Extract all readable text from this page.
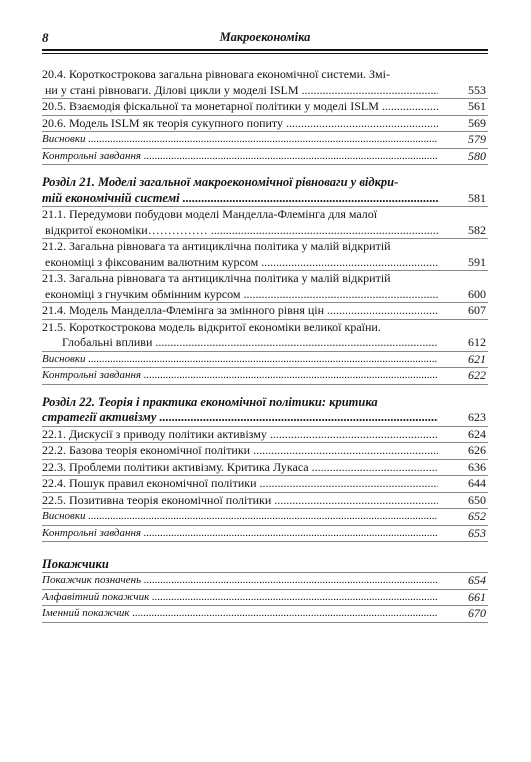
8	Макроекономіка
20.4. Короткострокова загальна рівновага економічної системи. Змі-
ни у стані рівноваги. Ділові цикли у моделі ISLM .....	553
20.5. Взаємодія фіскальної та монетарної політики у моделі ISLM .....	561
20.6. Модель ISLM як теорія сукупного попиту .....	569
Висновки .....	579
Контрольні завдання .....	580
Розділ 21. Моделі загальної макроекономічної рівноваги у відкри-
тій економічній системі .....	581
21.1. Передумови побудови моделі Манделла-Флемінга для малої
відкритої економіки…………… .....	582
21.2. Загальна рівновага та антициклічна політика у малій відкритій
економіці з фіксованим валютним курсом .....	591
21.3. Загальна рівновага та антициклічна політика у малій відкритій
економіці з гнучким обмінним курсом .....	600
21.4. Модель Манделла-Флемінга за змінного рівня цін .....	607
21.5. Короткострокова модель відкритої економіки великої країни.
Глобальні впливи .....	612
Висновки .....	621
Контрольні завдання .....	622
Розділ 22. Теорія і практика економічної політики: критика
стратегії активізму .....	623
22.1. Дискусії з приводу політики активізму .....	624
22.2. Базова теорія економічної політики .....	626
22.3. Проблеми політики активізму. Критика Лукаса .....	636
22.4. Пошук правил економічної політики .....	644
22.5. Позитивна теорія економічної політики .....	650
Висновки .....	652
Контрольні завдання .....	653
Покажчики
Покажчик позначень .....	654
Алфавітний покажчик .....	661
Іменний покажчик .....	670
